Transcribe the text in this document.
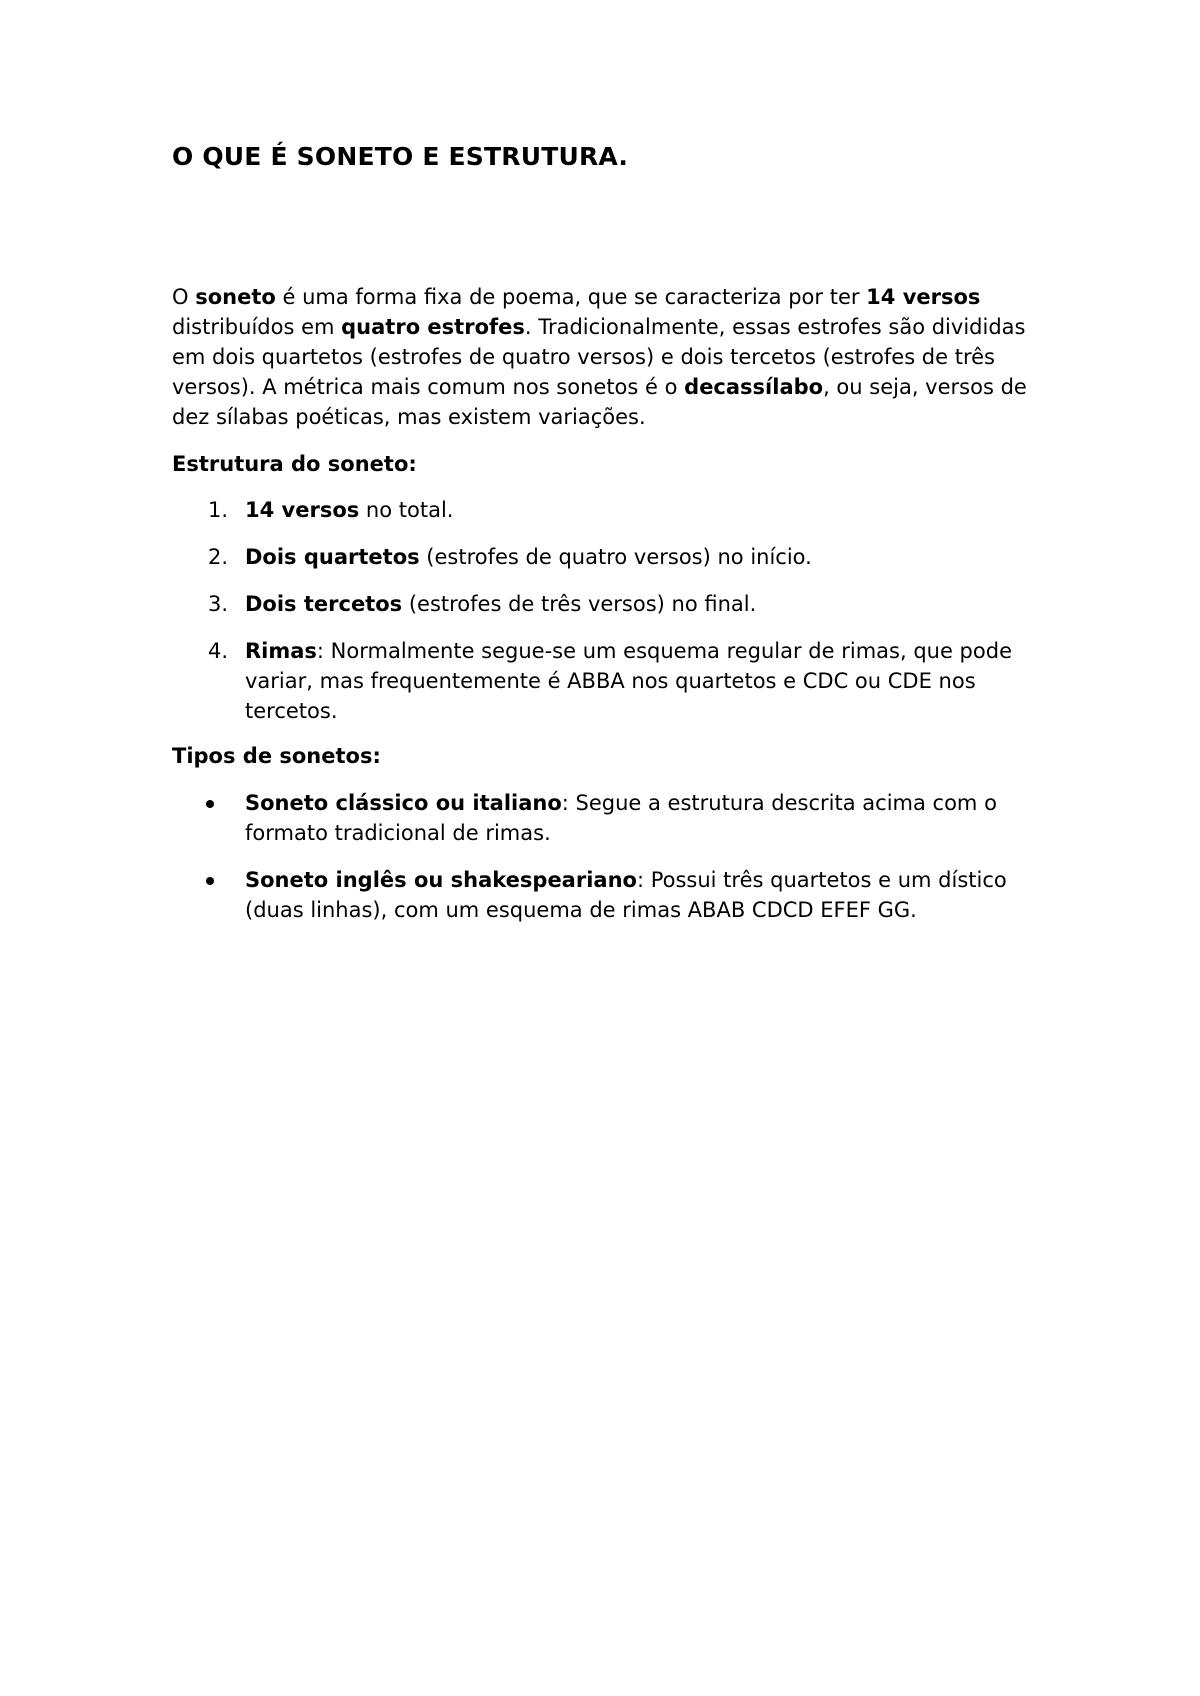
O QUE É SONETO E ESTRUTURA.

O soneto é uma forma fixa de poema, que se caracteriza por ter 14 versos distribuídos em quatro estrofes. Tradicionalmente, essas estrofes são divididas em dois quartetos (estrofes de quatro versos) e dois tercetos (estrofes de três versos). A métrica mais comum nos sonetos é o decassílabo, ou seja, versos de dez sílabas poéticas, mas existem variações.

Estrutura do soneto:
1. 14 versos no total.
2. Dois quartetos (estrofes de quatro versos) no início.
3. Dois tercetos (estrofes de três versos) no final.
4. Rimas: Normalmente segue-se um esquema regular de rimas, que pode variar, mas frequentemente é ABBA nos quartetos e CDC ou CDE nos tercetos.
Tipos de sonetos:
Soneto clássico ou italiano: Segue a estrutura descrita acima com o formato tradicional de rimas.
Soneto inglês ou shakespeariano: Possui três quartetos e um dístico (duas linhas), com um esquema de rimas ABAB CDCD EFEF GG.
